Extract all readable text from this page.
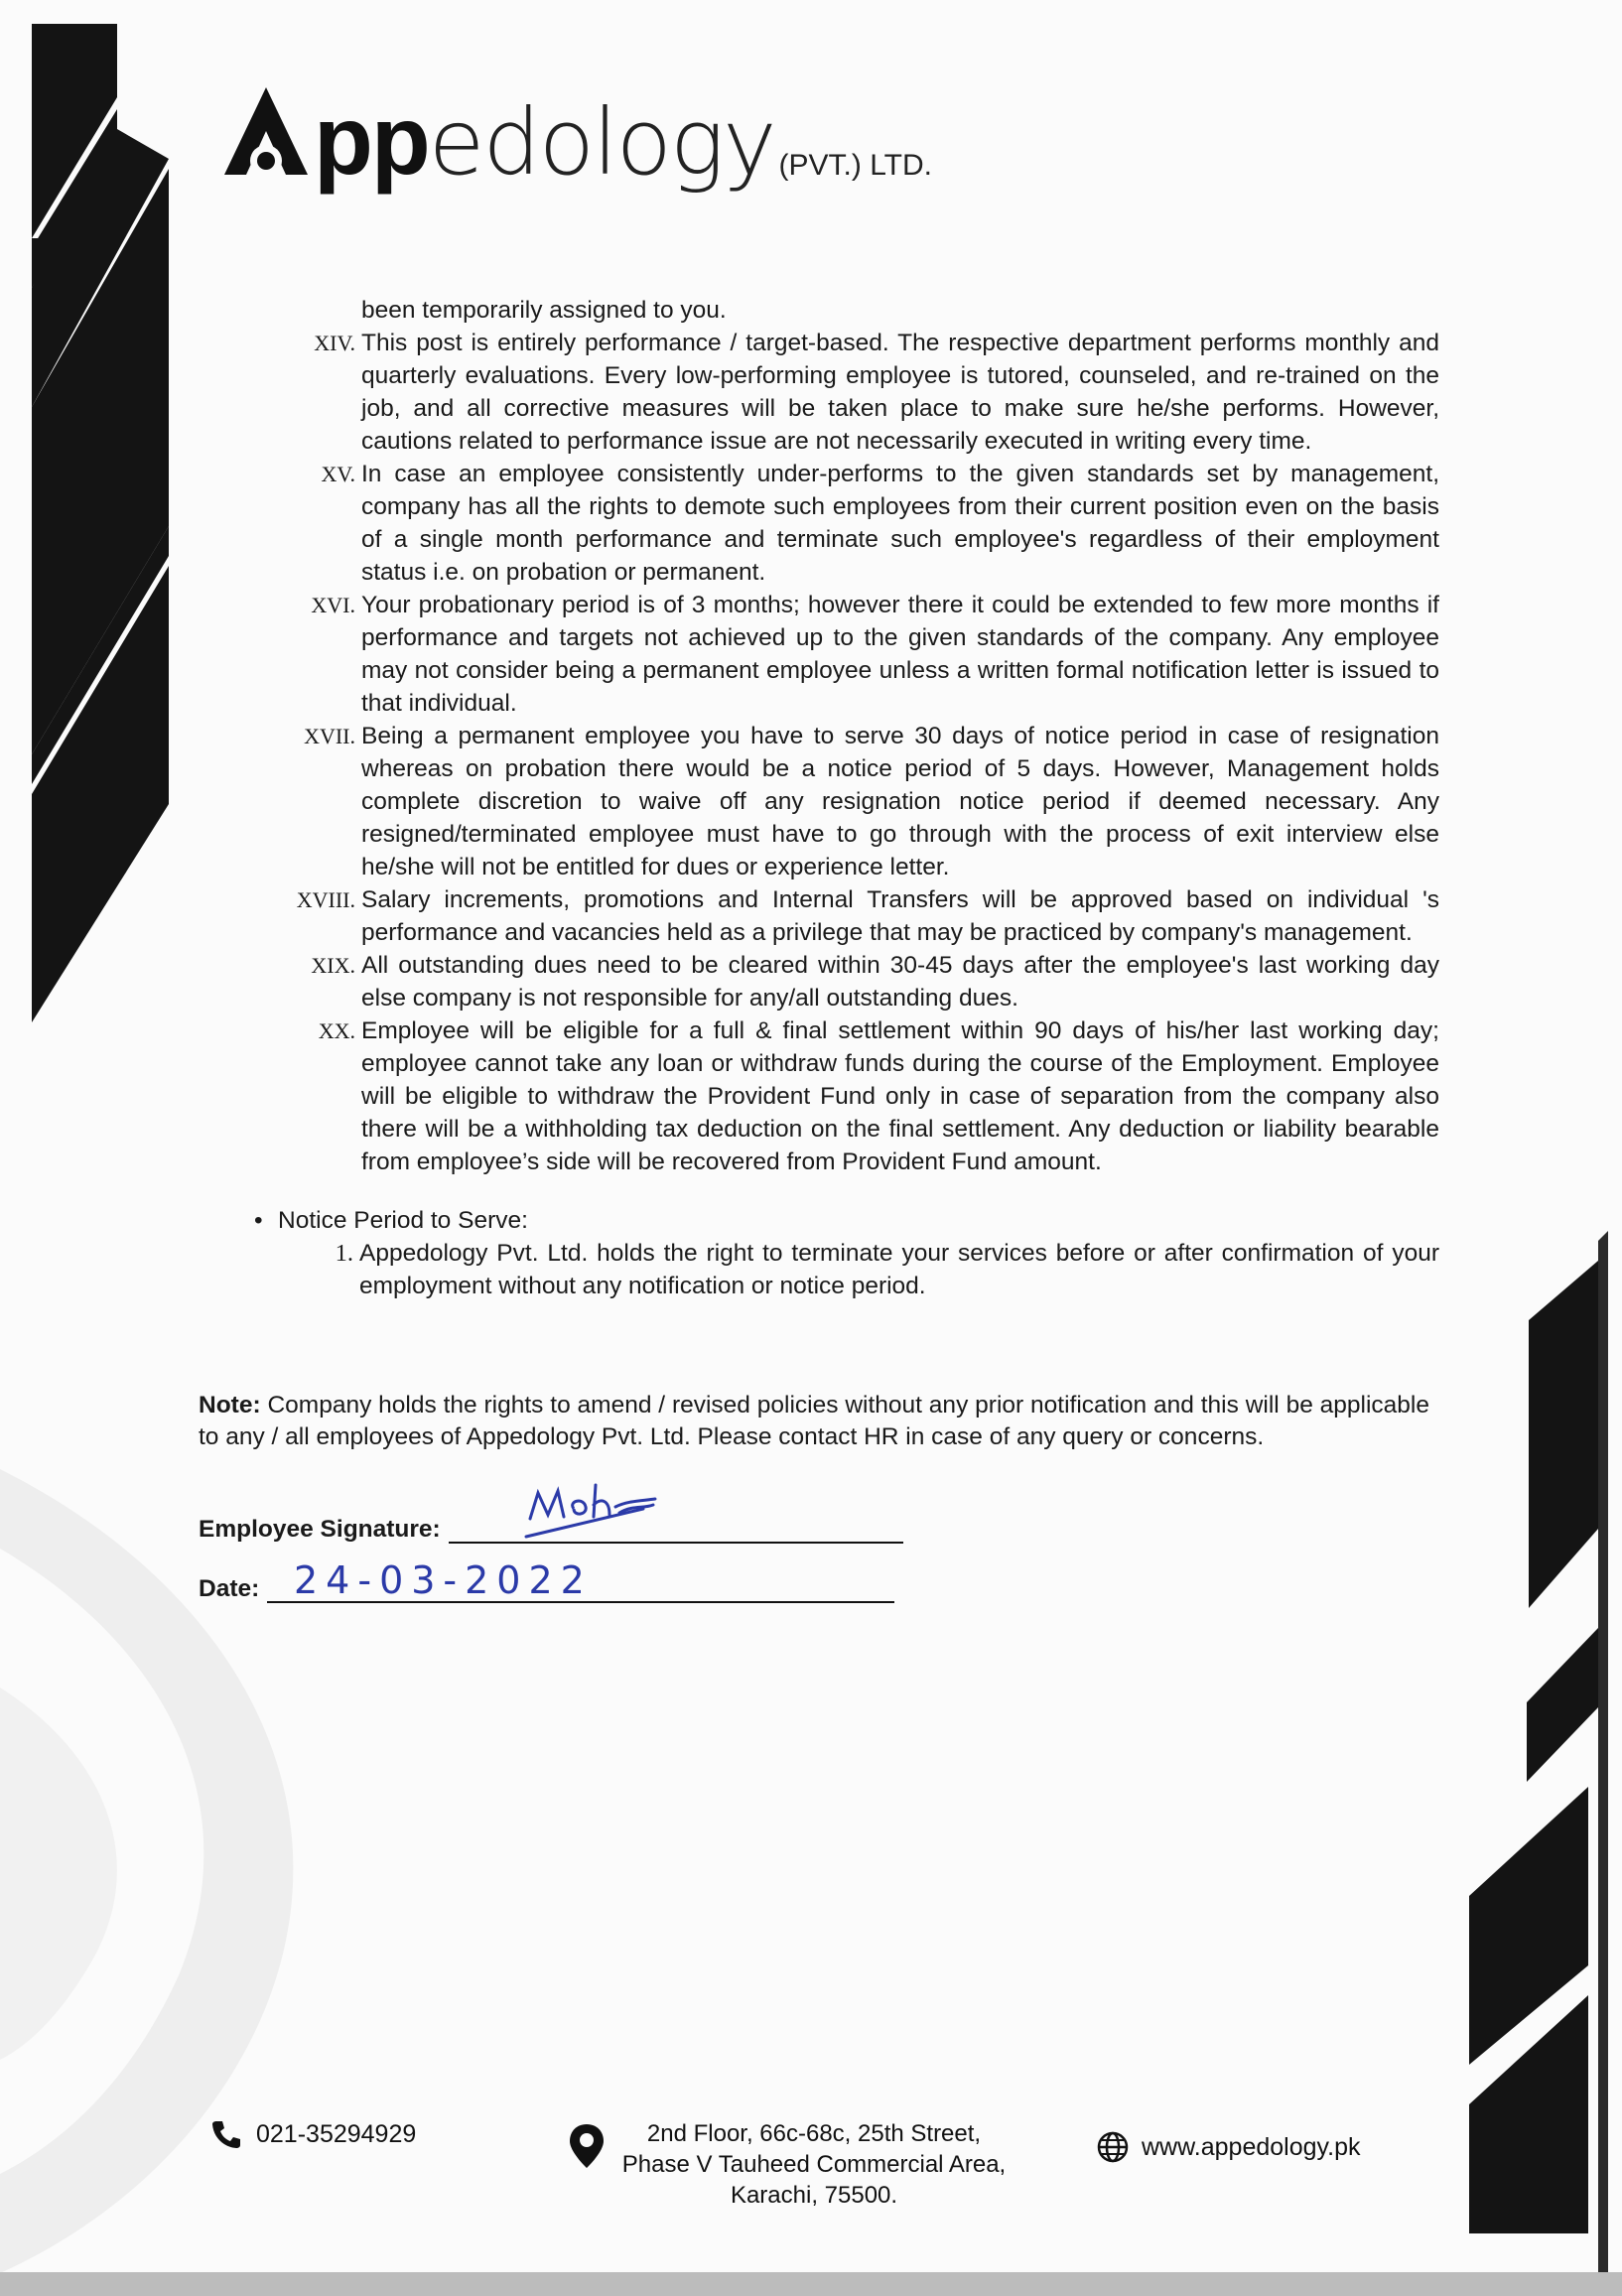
pp edology (PVT.) LTD.
been temporarily assigned to you.
XIV. This post is entirely performance / target-based. The respective department performs monthly and quarterly evaluations. Every low-performing employee is tutored, counseled, and re-trained on the job, and all corrective measures will be taken place to make sure he/she performs. However, cautions related to performance issue are not necessarily executed in writing every time.
XV. In case an employee consistently under-performs to the given standards set by management, company has all the rights to demote such employees from their current position even on the basis of a single month performance and terminate such employee's regardless of their employment status i.e. on probation or permanent.
XVI. Your probationary period is of 3 months; however there it could be extended to few more months if performance and targets not achieved up to the given standards of the company. Any employee may not consider being a permanent employee unless a written formal notification letter is issued to that individual.
XVII. Being a permanent employee you have to serve 30 days of notice period in case of resignation whereas on probation there would be a notice period of 5 days. However, Management holds complete discretion to waive off any resignation notice period if deemed necessary. Any resigned/terminated employee must have to go through with the process of exit interview else he/she will not be entitled for dues or experience letter.
XVIII. Salary increments, promotions and Internal Transfers will be approved based on individual 's performance and vacancies held as a privilege that may be practiced by company's management.
XIX. All outstanding dues need to be cleared within 30-45 days after the employee's last working day else company is not responsible for any/all outstanding dues.
XX. Employee will be eligible for a full & final settlement within 90 days of his/her last working day; employee cannot take any loan or withdraw funds during the course of the Employment. Employee will be eligible to withdraw the Provident Fund only in case of separation from the company also there will be a withholding tax deduction on the final settlement. Any deduction or liability bearable from employee’s side will be recovered from Provident Fund amount.
• Notice Period to Serve:
1. Appedology Pvt. Ltd. holds the right to terminate your services before or after confirmation of your employment without any notification or notice period.
Note: Company holds the rights to amend / revised policies without any prior notification and this will be applicable to any / all employees of Appedology Pvt. Ltd. Please contact HR in case of any query or concerns.
Employee Signature:
Date: 24-03-2022
021-35294929	2nd Floor, 66c-68c, 25th Street,
Phase V Tauheed Commercial Area,
Karachi, 75500.
www.appedology.pk
